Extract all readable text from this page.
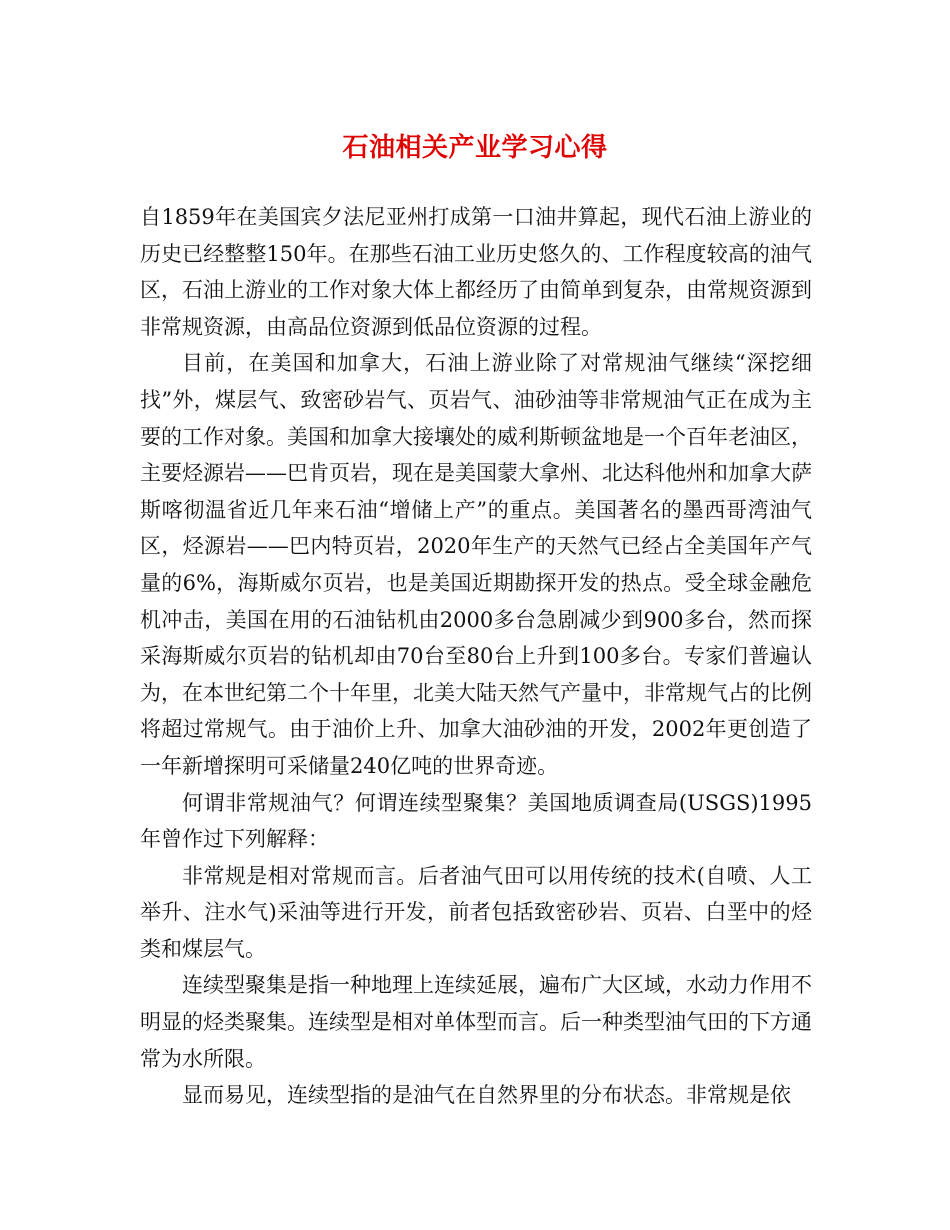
石油相关产业学习心得

自1859年在美国宾夕法尼亚州打成第一口油井算起，现代石油上游业的历史已经整整150年。在那些石油工业历史悠久的、工作程度较高的油气区，石油上游业的工作对象大体上都经历了由简单到复杂，由常规资源到非常规资源，由高品位资源到低品位资源的过程。

目前，在美国和加拿大，石油上游业除了对常规油气继续“深挖细找”外，煤层气、致密砂岩气、页岩气、油砂油等非常规油气正在成为主要的工作对象。美国和加拿大接壤处的威利斯顿盆地是一个百年老油区，主要烃源岩——巴肯页岩，现在是美国蒙大拿州、北达科他州和加拿大萨斯喀彻温省近几年来石油“增储上产”的重点。美国著名的墨西哥湾油气区，烃源岩——巴内特页岩，2020年生产的天然气已经占全美国年产气量的6%，海斯威尔页岩，也是美国近期勘探开发的热点。受全球金融危机冲击，美国在用的石油钻机由2000多台急剧减少到900多台，然而探采海斯威尔页岩的钻机却由70台至80台上升到100多台。专家们普遍认为，在本世纪第二个十年里，北美大陆天然气产量中，非常规气占的比例将超过常规气。由于油价上升、加拿大油砂油的开发，2002年更创造了一年新增探明可采储量240亿吨的世界奇迹。

何谓非常规油气？何谓连续型聚集？美国地质调查局(USGS)1995年曾作过下列解释：

非常规是相对常规而言。后者油气田可以用传统的技术(自喷、人工举升、注水气)采油等进行开发，前者包括致密砂岩、页岩、白垩中的烃类和煤层气。

连续型聚集是指一种地理上连续延展，遍布广大区域，水动力作用不明显的烃类聚集。连续型是相对单体型而言。后一种类型油气田的下方通常为水所限。

显而易见，连续型指的是油气在自然界里的分布状态。非常规是依
